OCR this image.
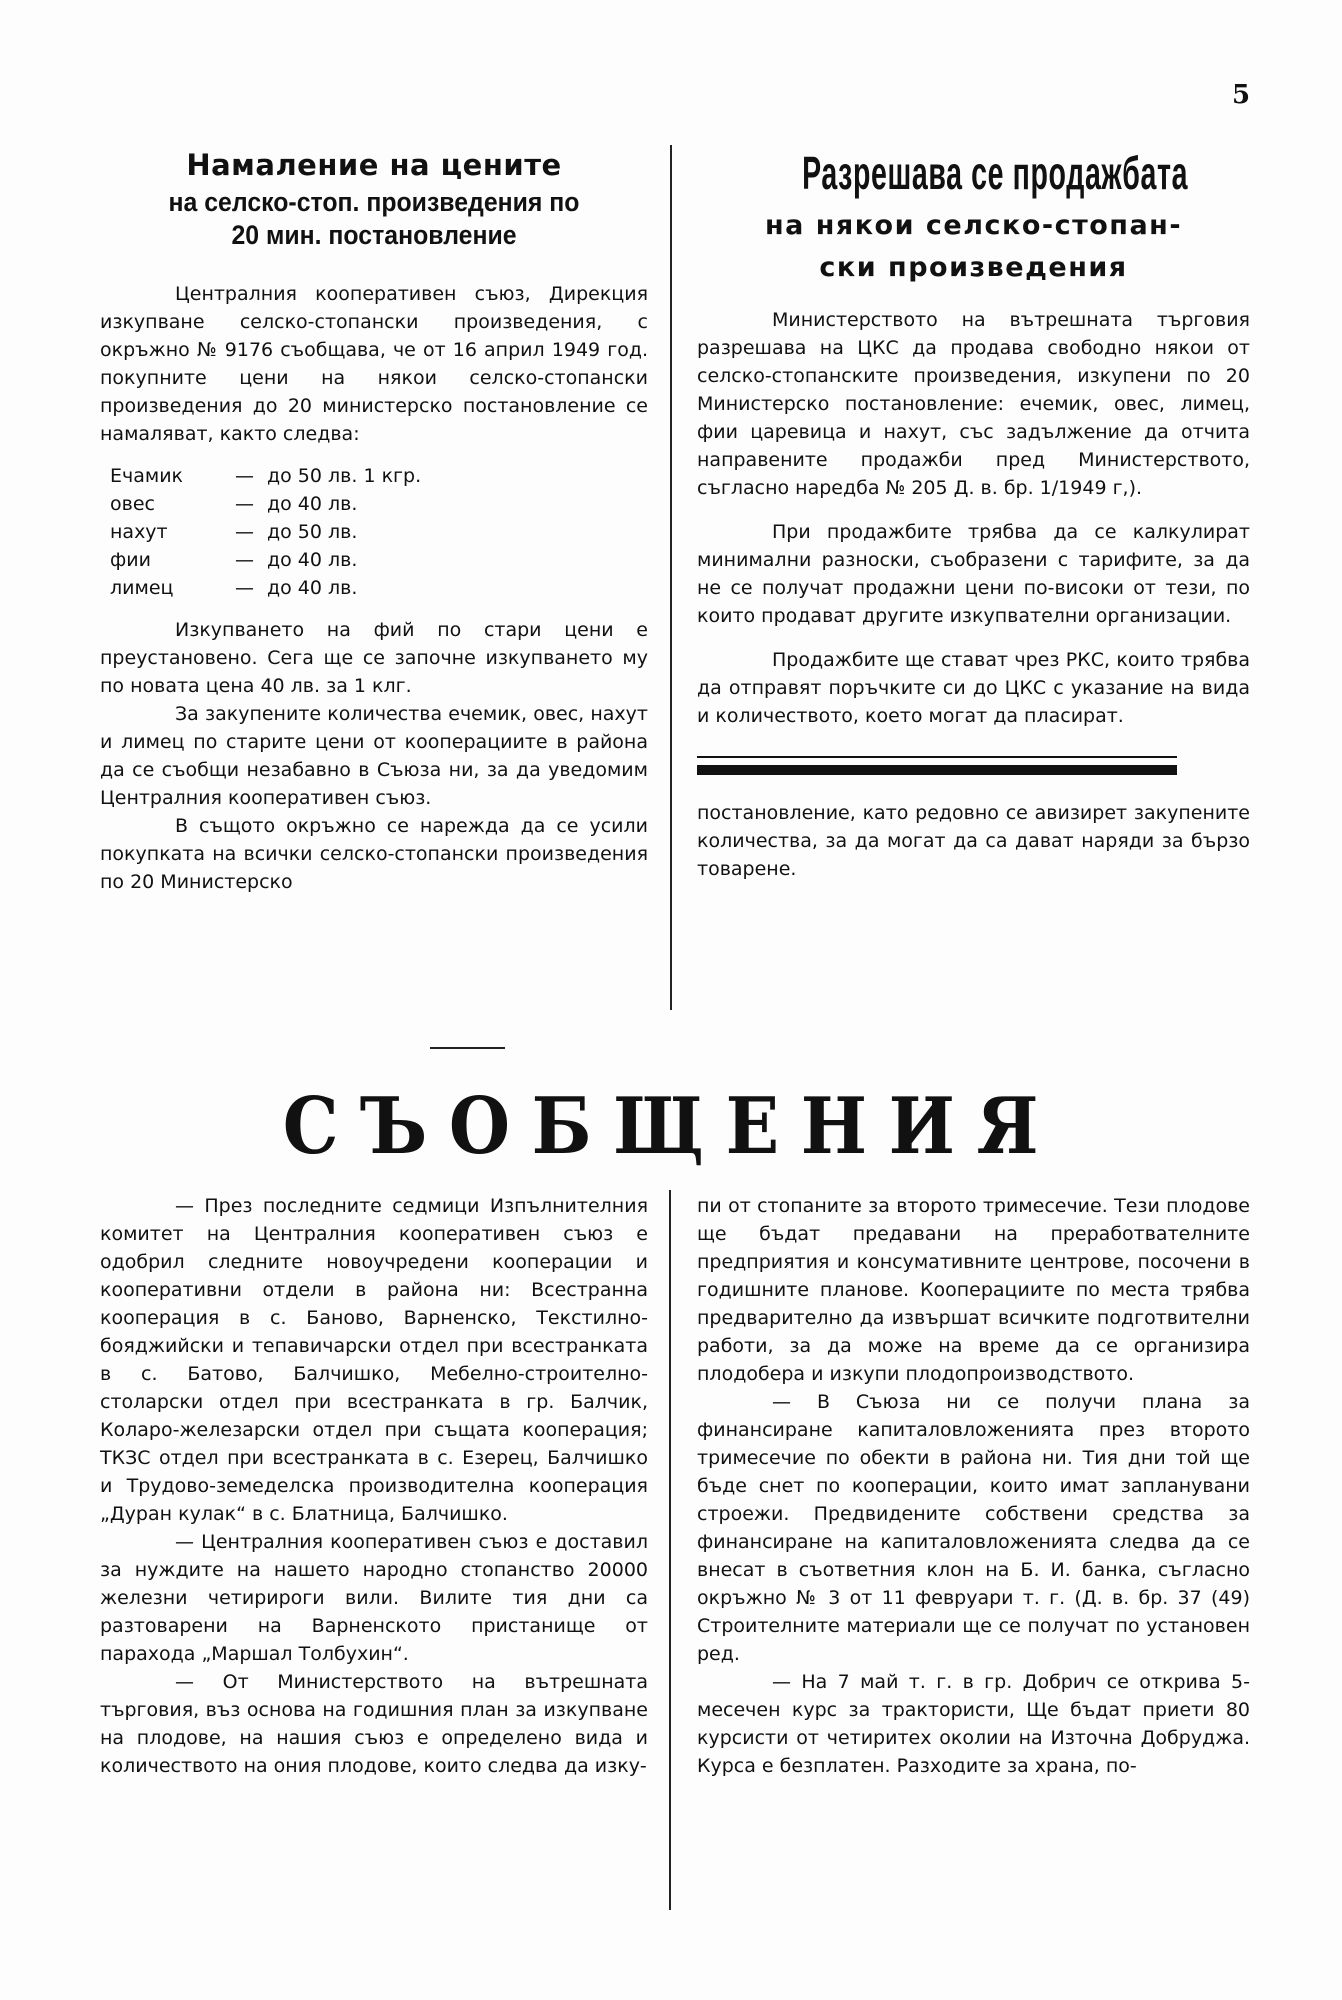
5
Намаление на цените
на селско-стоп. произведения по
20 мин. постановление

Централния кооперативен съюз, Дирекция изкупване селско-стопански произведения, с окръжно № 9176 съобщава, че от 16 април 1949 год. покупните цени на някои селско-стопански произведения до 20 министерско постановление се намаляват, както следва:

Ечамик	— до 50 лв. 1 кгр.
овес	— до 40 лв.
нахут	— до 50 лв.
фии	— до 40 лв.
лимец	— до 40 лв.

Изкупването на фий по стари цени е преустановено. Сега ще се започне изкупването му по новата цена 40 лв. за 1 клг.

За закупените количества ечемик, овес, нахут и лимец по старите цени от кооперациите в района да се съобщи незабавно в Съюза ни, за да уведомим Централния кооперативен съюз.

В същото окръжно се нарежда да се усили покупката на всички селско-стопански произведения по 20 Министерско

Разрешава се продажбата
на някои селско-стопан-
ски произведения

Министерството на вътрешната търговия разрешава на ЦКС да продава свободно някои от селско-стопанските произведения, изкупени по 20 Министерско постановление: ечемик, овес, лимец, фии царевица и нахут, със задължение да отчита направените продажби пред Министерството, съгласно наредба № 205 Д. в. бр. 1/1949 г,).

При продажбите трябва да се калкулират минимални разноски, съобразени с тарифите, за да не се получат продажни цени по-високи от тези, по които продават другите изкупвателни организации.

Продажбите ще стават чрез РКС, които трябва да отправят поръчките си до ЦКС с указание на вида и количеството, което могат да пласират.

постановление, като редовно се авизирет закупените количества, за да могат да са дават наряди за бързо товарене.

СЪОБЩЕНИЯ

— През последните седмици Изпълнителния комитет на Централния кооперативен съюз е одобрил следните новоучредени кооперации и кооперативни отдели в района ни: Всестранна кооперация в с. Баново, Варненско, Текстилно-бояджийски и тепавичарски отдел при всестранката в с. Батово, Балчишко, Мебелно-строително-столарски отдел при всестранката в гр. Балчик, Коларо-железарски отдел при същата кооперация; ТКЗС отдел при всестранката в с. Езерец, Балчишко и Трудово-земеделска производителна кооперация „Дуран кулак“ в с. Блатница, Балчишко.

— Централния кооперативен съюз е доставил за нуждите на нашето народно стопанство 20000 железни четирироги вили. Вилите тия дни са разтоварени на Варненското пристанище от парахода „Маршал Толбухин“.

— От Министерството на вътрешната търговия, въз основа на годишния план за изкупване на плодове, на нашия съюз е определено вида и количеството на ония плодове, които следва да изку-

пи от стопаните за второто тримесечие. Тези плодове ще бъдат предавани на преработвателните предприятия и консумативните центрове, посочени в годишните планове. Кооперациите по места трябва предварително да извършат всичките подготвителни работи, за да може на време да се организира плодобера и изкупи плодопроизводството.

— В Съюза ни се получи плана за финансиране капиталовложенията през второто тримесечие по обекти в района ни. Тия дни той ще бъде снет по кооперации, които имат запланувани строежи. Предвидените собствени средства за финансиране на капиталовложенията следва да се внесат в съответния клон на Б. И. банка, съгласно окръжно № 3 от 11 февруари т. г. (Д. в. бр. 37 (49) Строителните материали ще се получат по установен ред.

— На 7 май т. г. в гр. Добрич се открива 5-месечен курс за трактористи, Ще бъдат приети 80 курсисти от четиритех околии на Източна Добруджа. Курса е безплатен. Разходите за храна, по-
